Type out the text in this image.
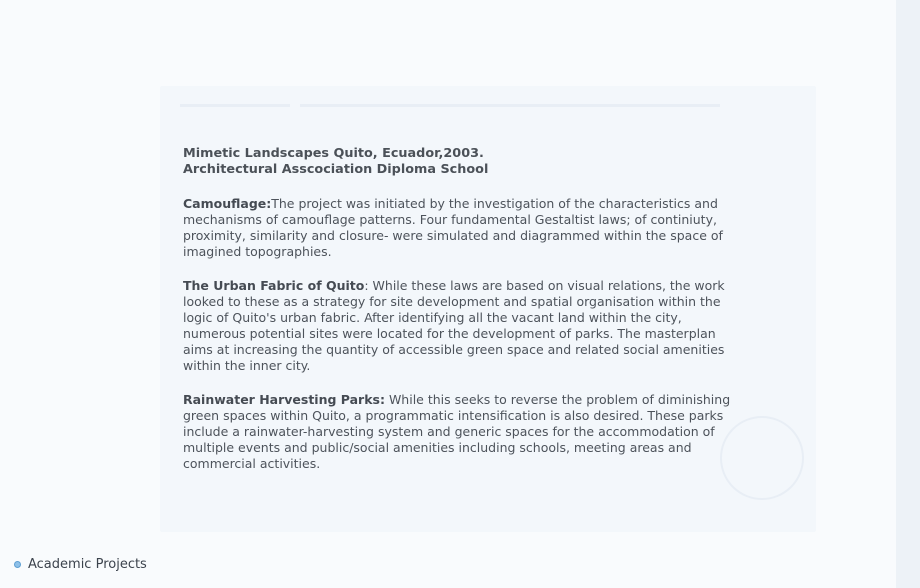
Mimetic Landscapes Quito, Ecuador,2003.
Architectural Asscociation Diploma School

Camouflage:The project was initiated by the investigation of the characteristics and mechanisms of camouflage patterns. Four fundamental Gestaltist laws; of continiuty, proximity, similarity and closure- were simulated and diagrammed within the space of imagined topographies.

The Urban Fabric of Quito: While these laws are based on visual relations, the work looked to these as a strategy for site development and spatial organisation within the logic of Quito's urban fabric. After identifying all the vacant land within the city, numerous potential sites were located for the development of parks. The masterplan aims at increasing the quantity of accessible green space and related social amenities within the inner city.

Rainwater Harvesting Parks: While this seeks to reverse the problem of diminishing green spaces within Quito, a programmatic intensification is also desired. These parks include a rainwater-harvesting system and generic spaces for the accommodation of multiple events and public/social amenities including schools, meeting areas and commercial activities.

Academic Projects
